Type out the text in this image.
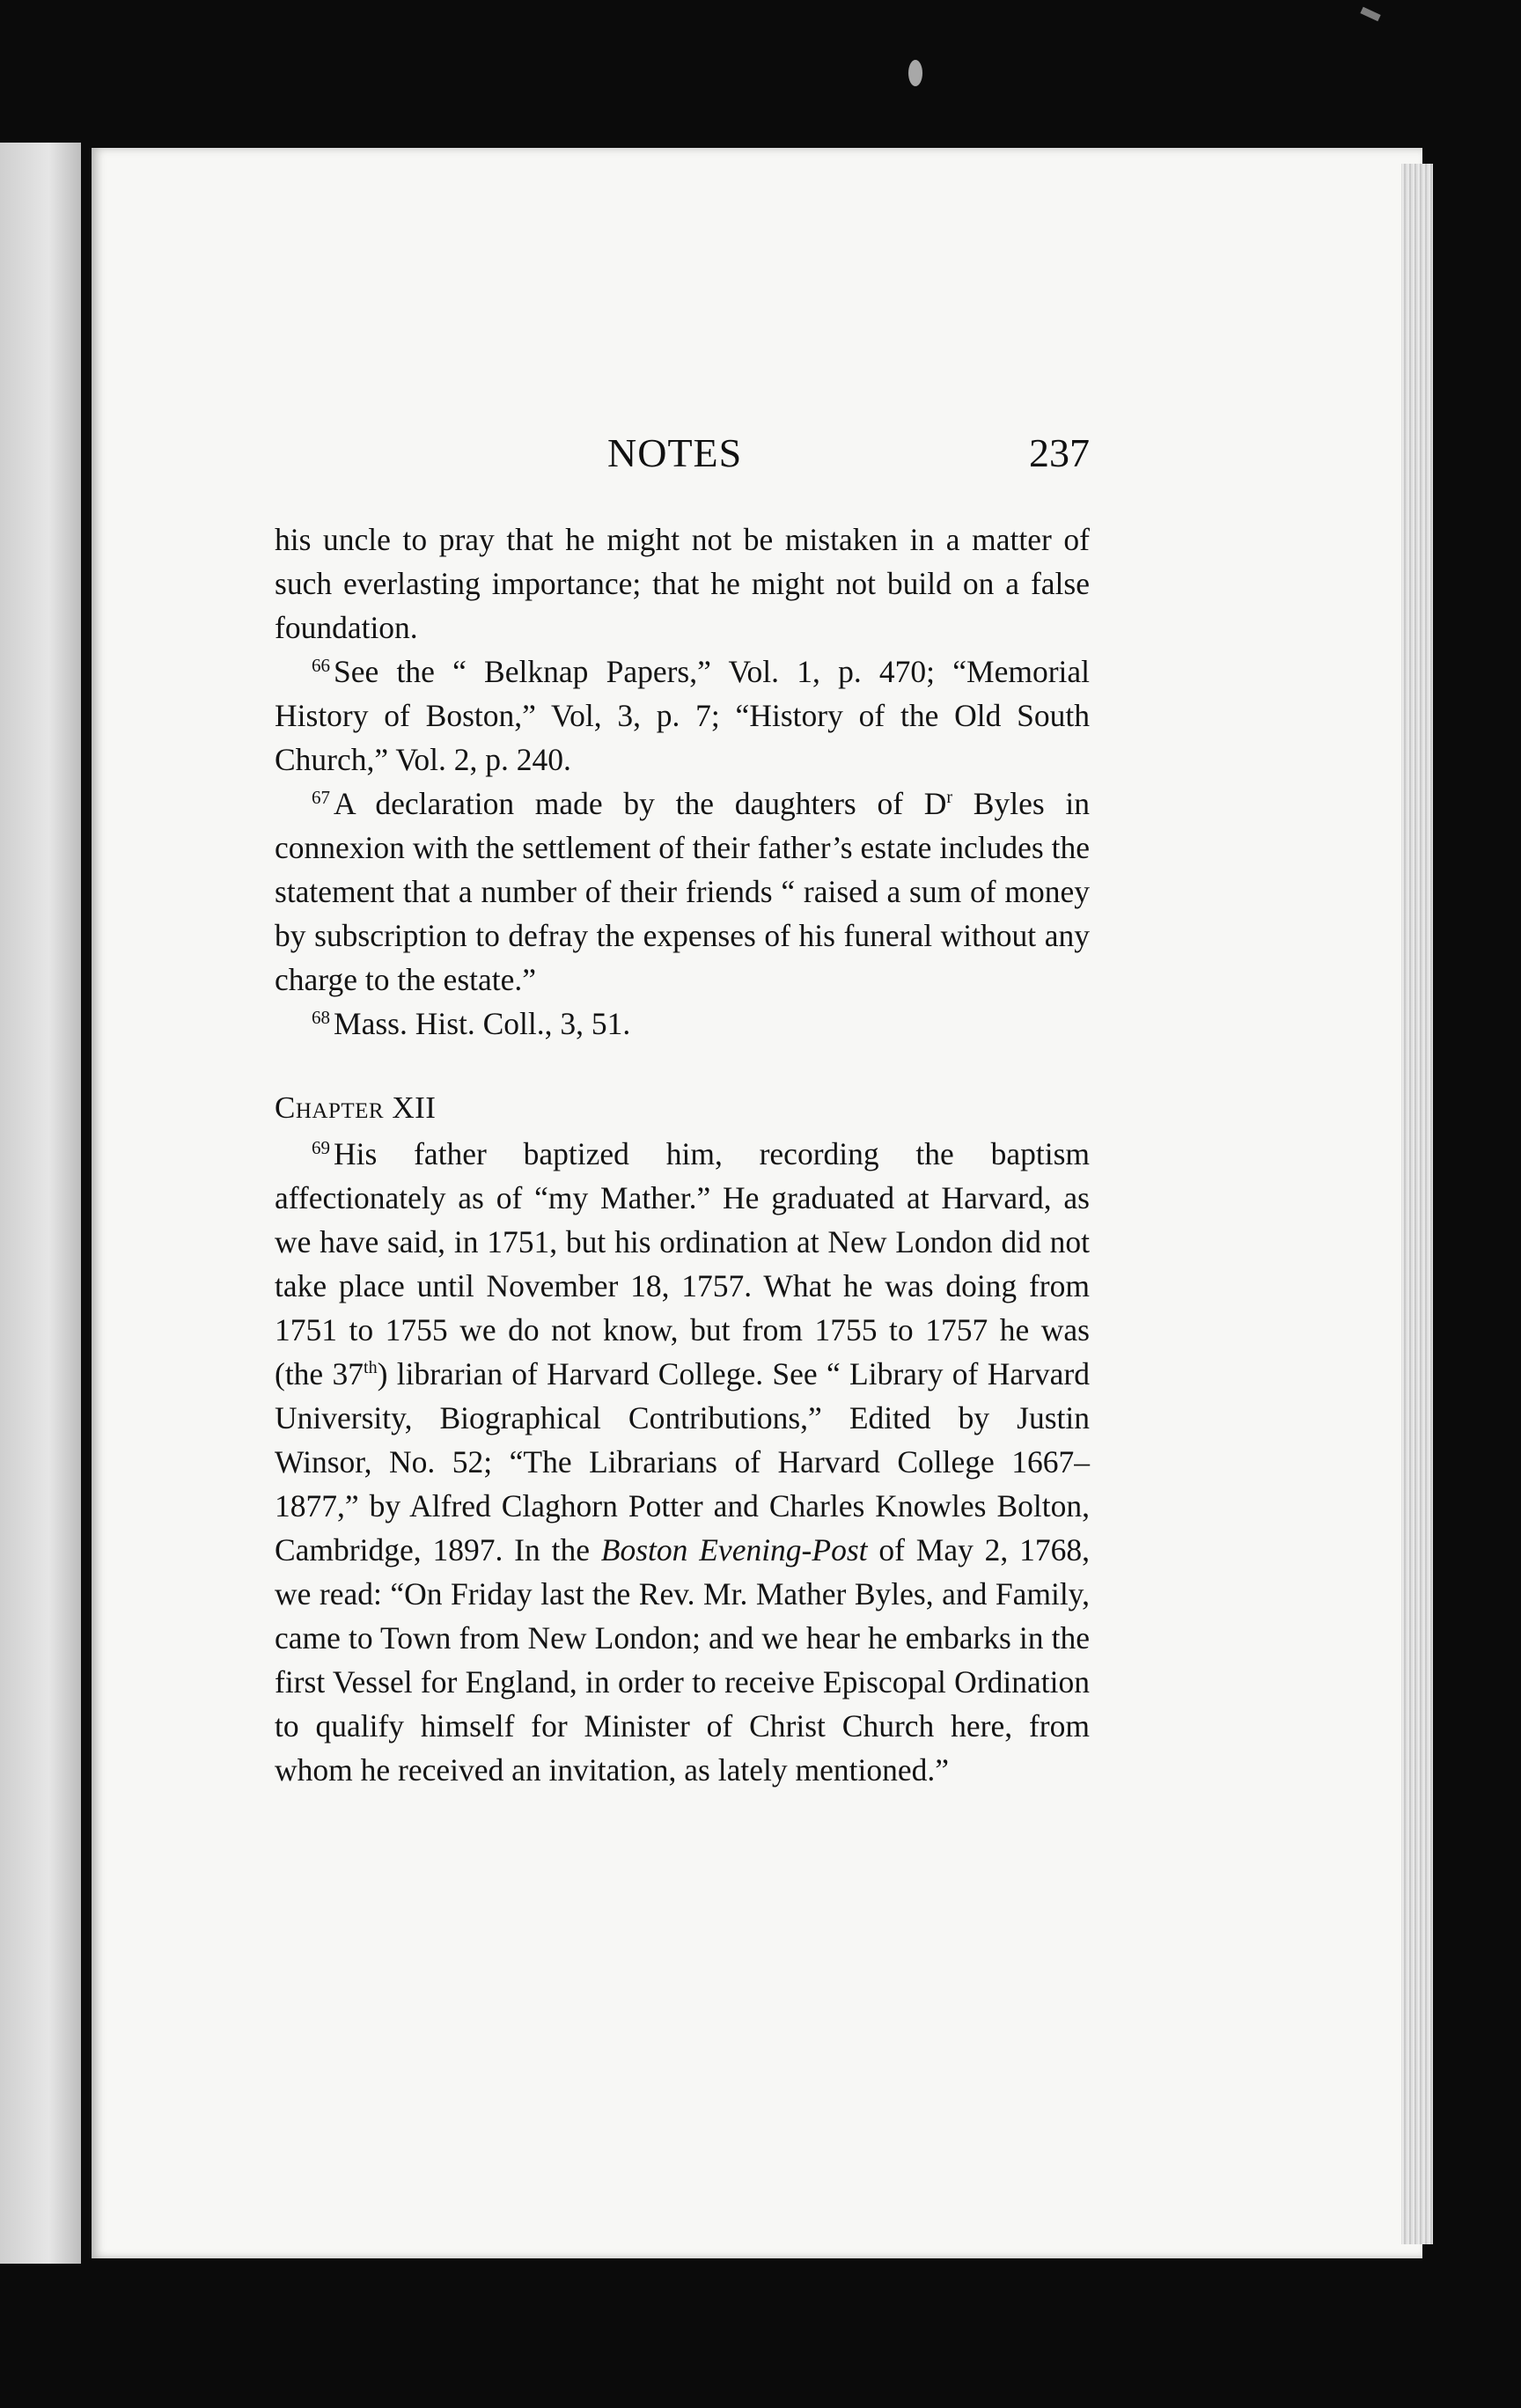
NOTES	237

his uncle to pray that he might not be mistaken in a matter of such everlasting importance; that he might not build on a false foundation.

$^{66}$ See the “ Belknap Papers,” Vol. 1, p. 470; “Memorial History of Boston,” Vol, 3, p. 7; “History of the Old South Church,” Vol. 2, p. 240.

$^{67}$ A declaration made by the daughters of $D^r$ Byles in connexion with the settlement of their father’s estate includes the statement that a number of their friends “ raised a sum of money by subscription to defray the expenses of his funeral without any charge to the estate.”

$^{68}$ Mass. Hist. Coll., 3, 51.

Chapter XII

$^{69}$ His father baptized him, recording the baptism affectionately as of “my Mather.” He graduated at Harvard, as we have said, in 1751, but his ordination at New London did not take place until November 18, 1757. What he was doing from 1751 to 1755 we do not know, but from 1755 to 1757 he was (the 37th) librarian of Harvard College. See “ Library of Harvard University, Biographical Contributions,” Edited by Justin Winsor, No. 52; “The Librarians of Harvard College 1667–1877,” by Alfred Claghorn Potter and Charles Knowles Bolton, Cambridge, 1897. In the Boston Evening-Post of May 2, 1768, we read: “On Friday last the Rev. Mr. Mather Byles, and Family, came to Town from New London; and we hear he embarks in the first Vessel for England, in order to receive Episcopal Ordination to qualify himself for Minister of Christ Church here, from whom he received an invitation, as lately mentioned.”
